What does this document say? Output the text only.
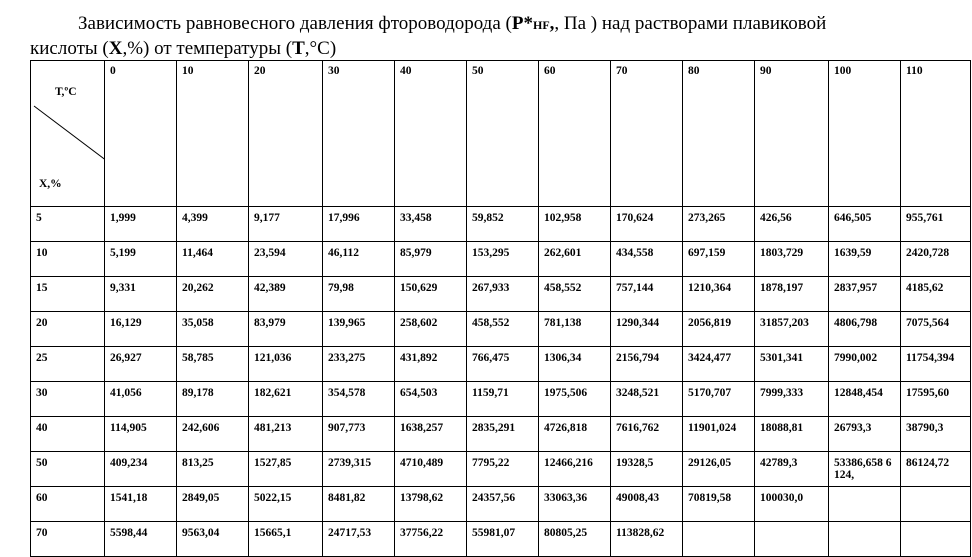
Зависимость равновесного давления фтороводорода (Р*HF,, Па ) над растворами плавиковой
кислоты (Х,%) от температуры (Т,°С)
Т,ºС
Х,%	0	10	20	30	40	50	60	70	80	90	100	110
5	1,999	4,399	9,177	17,996	33,458	59,852	102,958	170,624	273,265	426,56	646,505	955,761
10	5,199	11,464	23,594	46,112	85,979	153,295	262,601	434,558	697,159	1803,729	1639,59	2420,728
15	9,331	20,262	42,389	79,98	150,629	267,933	458,552	757,144	1210,364	1878,197	2837,957	4185,62
20	16,129	35,058	83,979	139,965	258,602	458,552	781,138	1290,344	2056,819	31857,203	4806,798	7075,564
25	26,927	58,785	121,036	233,275	431,892	766,475	1306,34	2156,794	3424,477	5301,341	7990,002	11754,394
30	41,056	89,178	182,621	354,578	654,503	1159,71	1975,506	3248,521	5170,707	7999,333	12848,454	17595,60
40	114,905	242,606	481,213	907,773	1638,257	2835,291	4726,818	7616,762	11901,024	18088,81	26793,3	38790,3
50	409,234	813,25	1527,85	2739,315	4710,489	7795,22	12466,216	19328,5	29126,05	42789,3	53386,658 6124,	86124,72
60	1541,18	2849,05	5022,15	8481,82	13798,62	24357,56	33063,36	49008,43	70819,58	100030,0		
70	5598,44	9563,04	15665,1	24717,53	37756,22	55981,07	80805,25	113828,62				
